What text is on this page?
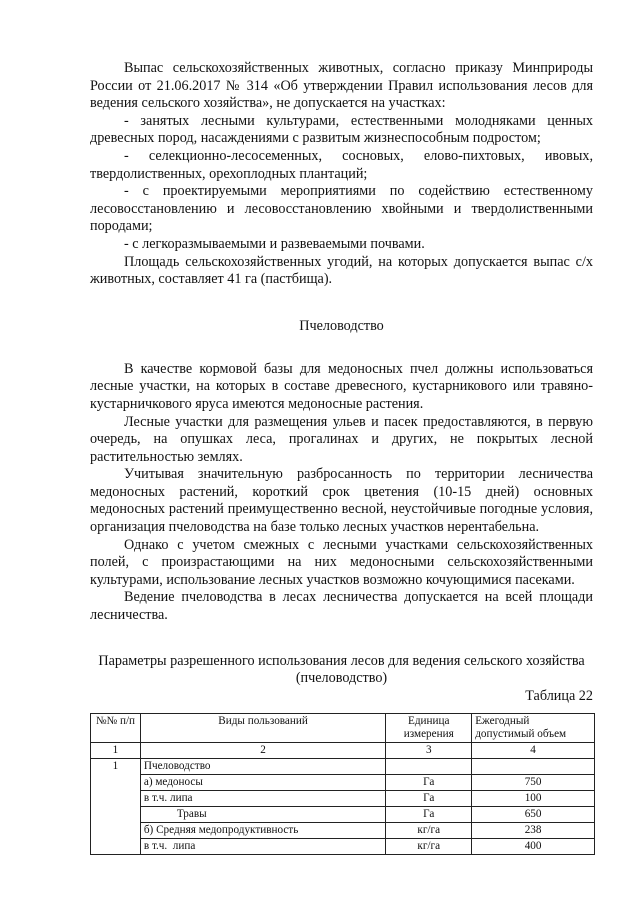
Выпас сельскохозяйственных животных, согласно приказу Минприроды России от 21.06.2017 № 314 «Об утверждении Правил использования лесов для ведения сельского хозяйства», не допускается на участках:

- занятых лесными культурами, естественными молодняками ценных древесных пород, насаждениями с развитым жизнеспособным подростом;

- селекционно-лесосеменных, сосновых, елово-пихтовых, ивовых, твердолиственных, орехоплодных плантаций;

- с проектируемыми мероприятиями по содействию естественному лесовосстановлению и лесовосстановлению хвойными и твердолиственными породами;

- с легкоразмываемыми и развеваемыми почвами.

Площадь сельскохозяйственных угодий, на которых допускается выпас с/х животных, составляет 41 га (пастбища).

Пчеловодство

В качестве кормовой базы для медоносных пчел должны использоваться лесные участки, на которых в составе древесного, кустарникового или травяно-кустарничкового яруса имеются медоносные растения.

Лесные участки для размещения ульев и пасек предоставляются, в первую очередь, на опушках леса, прогалинах и других, не покрытых лесной растительностью землях.

Учитывая значительную разбросанность по территории лесничества медоносных растений, короткий срок цветения (10-15 дней) основных медоносных растений преимущественно весной, неустойчивые погодные условия, организация пчеловодства на базе только лесных участков нерентабельна.

Однако с учетом смежных с лесными участками сельскохозяйственных полей, с произрастающими на них медоносными сельскохозяйственными культурами, использование лесных участков возможно кочующимися пасеками.

Ведение пчеловодства в лесах лесничества допускается на всей площади лесничества.

Параметры разрешенного использования лесов для ведения сельского хозяйства (пчеловодство)

Таблица 22

№№ п/п	Виды пользований	Единица измерения	Ежегодный допустимый объем
1	2	3	4
1	Пчеловодство		
	а) медоносы	Га	750
	в т.ч. липа	Га	100
	Травы	Га	650
	б) Средняя медопродуктивность	кг/га	238
	в т.ч.  липа	кг/га	400
